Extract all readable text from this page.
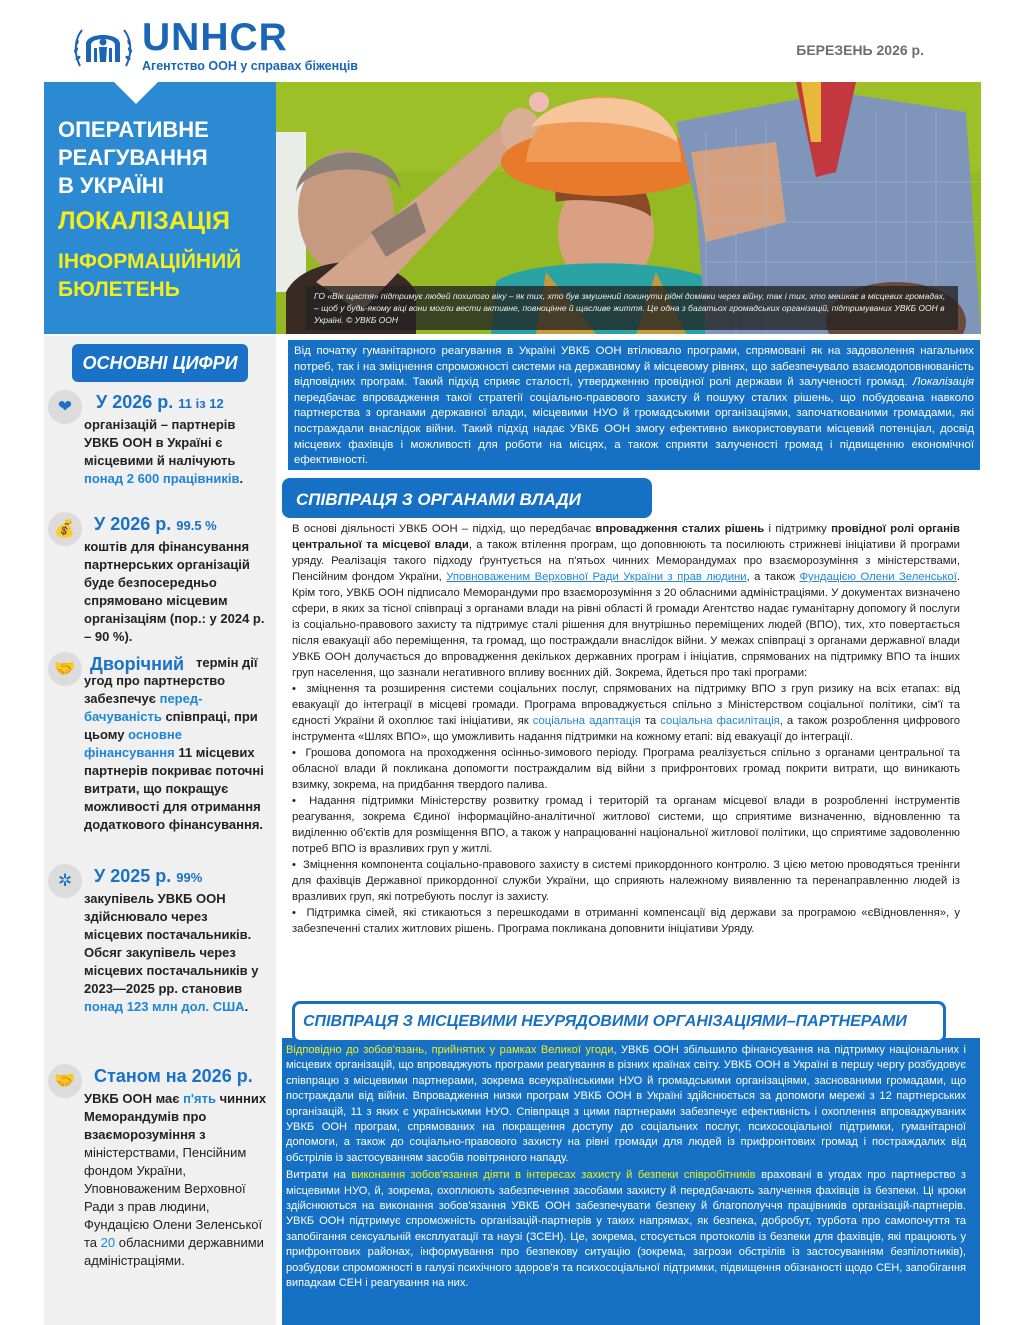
UNHCR
Агентство ООН у справах біженців
БЕРЕЗЕНЬ 2026 р.
ОПЕРАТИВНЕ
РЕАГУВАННЯ
В УКРАЇНІ
ЛОКАЛІЗАЦІЯ
ІНФОРМАЦІЙНИЙ
БЮЛЕТЕНЬ	ГО «Вік щастя» підтримує людей похилого віку – як тих, хто був змушений покинути рідні домівки через війну, так і тих, хто мешкає в місцевих громадах, – щоб у будь-якому віці вони могли вести активне, повноцінне й щасливе життя. Це одна з багатьох громадських організацій, підтримуваних УВКБ ООН в Україні. © УВКБ ООН
ОСНОВНІ ЦИФРИ
❤	У 2026 р. 11 із 12
організацій – партнерів УВКБ ООН в Україні є місцевими й налічують понад 2 600 працівників.
💰	У 2026 р. 99.5 %
коштів для фінансування партнерських організацій буде безпосередньо спрямовано місцевим організаціям (пор.: у 2024 р. – 90 %).
🤝 Дворічний термін дії угод про партнерство забезпечує перед-бачуваність співпраці, при цьому основне фінансування 11 місцевих партнерів покриває поточні витрати, що покращує можливості для отримання додаткового фінансування.
✲	У 2025 р. 99%
закупівель УВКБ ООН здійснювало через місцевих постачальників. Обсяг закупівель через місцевих постачальників у 2023—2025 рр. становив понад 123 млн дол. США.
🤝	Станом на 2026 р.
УВКБ ООН має п'ять чинних Меморандумів про взаєморозуміння з міністерствами, Пенсійним фондом України, Уповноваженим Верховної Ради з прав людини, Фундацією Олени Зеленської та 20 обласними державними адміністраціями.
Від початку гуманітарного реагування в Україні УВКБ ООН втілювало програми, спрямовані як на задоволення нагальних потреб, так і на зміцнення спроможності системи на державному й місцевому рівнях, що забезпечувало взаємодоповнюваність відповідних програм. Такий підхід сприяє сталості, утвердженню провідної ролі держави й залученості громад. Локалізація передбачає впровадження такої стратегії соціально-правового захисту й пошуку сталих рішень, що побудована навколо партнерства з органами державної влади, місцевими НУО й громадськими організаціями, започаткованими громадами, які постраждали внаслідок війни. Такий підхід надає УВКБ ООН змогу ефективно використовувати місцевий потенціал, досвід місцевих фахівців і можливості для роботи на місцях, а також сприяти залученості громад і підвищенню економічної ефективності.
СПІВПРАЦЯ З ОРГАНАМИ ВЛАДИ

В основі діяльності УВКБ ООН – підхід, що передбачає впровадження сталих рішень і підтримку провідної ролі органів центральної та місцевої влади, а також втілення програм, що доповнюють та посилюють стрижневі ініціативи й програми уряду. Реалізація такого підходу ґрунтується на п'ятьох чинних Меморандумах про взаєморозуміння з міністерствами, Пенсійним фондом України, Уповноваженим Верховної Ради України з прав людини, а також Фундацією Олени Зеленської. Крім того, УВКБ ООН підписало Меморандуми про взаєморозуміння з 20 обласними адміністраціями. У документах визначено сфери, в яких за тісної співпраці з органами влади на рівні області й громади Агентство надає гуманітарну допомогу й послуги із соціально-правового захисту та підтримує сталі рішення для внутрішньо переміщених людей (ВПО), тих, хто повертається після евакуації або переміщення, та громад, що постраждали внаслідок війни. У межах співпраці з органами державної влади УВКБ ООН долучається до впровадження декількох державних програм і ініціатив, спрямованих на підтримку ВПО та інших груп населення, що зазнали негативного впливу воєнних дій. Зокрема, йдеться про такі програми:

•  зміцнення та розширення системи соціальних послуг, спрямованих на підтримку ВПО з груп ризику на всіх етапах: від евакуації до інтеграції в місцеві громади. Програма впроваджується спільно з Міністерством соціальної політики, сім'ї та єдності України й охоплює такі ініціативи, як соціальна адаптація та соціальна фасилітація, а також розроблення цифрового інструмента «Шлях ВПО», що уможливить надання підтримки на кожному етапі: від евакуації до інтеграції.

•  Грошова допомога на проходження осінньо-зимового періоду. Програма реалізується спільно з органами центральної та обласної влади й покликана допомогти постраждалим від війни з прифронтових громад покрити витрати, що виникають взимку, зокрема, на придбання твердого палива.

•  Надання підтримки Міністерству розвитку громад і територій та органам місцевої влади в розробленні інструментів реагування, зокрема Єдиної інформаційно-аналітичної житлової системи, що сприятиме визначенню, відновленню та виділенню об'єктів для розміщення ВПО, а також у напрацюванні національної житлової політики, що сприятиме задоволенню потреб ВПО із вразливих груп у житлі.

•  Зміцнення компонента соціально-правового захисту в системі прикордонного контролю. З цією метою проводяться тренінги для фахівців Державної прикордонної служби України, що сприяють належному виявленню та перенаправленню людей із вразливих груп, які потребують послуг із захисту.

•  Підтримка сімей, які стикаються з перешкодами в отриманні компенсації від держави за програмою «єВідновлення», у забезпеченні сталих житлових рішень. Програма покликана доповнити ініціативи Уряду.

СПІВПРАЦЯ З МІСЦЕВИМИ НЕУРЯДОВИМИ ОРГАНІЗАЦІЯМИ–ПАРТНЕРАМИ

Відповідно до зобов'язань, прийнятих у рамках Великої угоди, УВКБ ООН збільшило фінансування на підтримку національних і місцевих організацій, що впроваджують програми реагування в різних країнах світу. УВКБ ООН в Україні в першу чергу розбудовує співпрацю з місцевими партнерами, зокрема всеукраїнськими НУО й громадськими організаціями, заснованими громадами, що постраждали від війни. Впровадження низки програм УВКБ ООН в Україні здійснюється за допомоги мережі з 12 партнерських організацій, 11 з яких є українськими НУО. Співпраця з цими партнерами забезпечує ефективність і охоплення впроваджуваних УВКБ ООН програм, спрямованих на покращення доступу до соціальних послуг, психосоціальної підтримки, гуманітарної допомоги, а також до соціально-правового захисту на рівні громади для людей із прифронтових громад і постраждалих від обстрілів із застосуванням засобів повітряного нападу.

Витрати на виконання зобов'язання діяти в інтересах захисту й безпеки співробітників враховані в угодах про партнерство з місцевими НУО, й, зокрема, охоплюють забезпечення засобами захисту й передбачають залучення фахівців із безпеки. Ці кроки здійснюються на виконання зобов'язання УВКБ ООН забезпечувати безпеку й благополуччя працівників організацій-партнерів. УВКБ ООН підтримує спроможність організацій-партнерів у таких напрямах, як безпека, добробут, турбота про самопочуття та запобігання сексуальній експлуатації та наузі (ЗСЕН). Це, зокрема, стосується протоколів із безпеки для фахівців, які працюють у прифронтових районах, інформування про безпекову ситуацію (зокрема, загрози обстрілів із застосуванням безпілотників), розбудови спроможності в галузі психічного здоров'я та психосоціальної підтримки, підвищення обізнаності щодо СЕН, запобігання випадкам СЕН і реагування на них.
